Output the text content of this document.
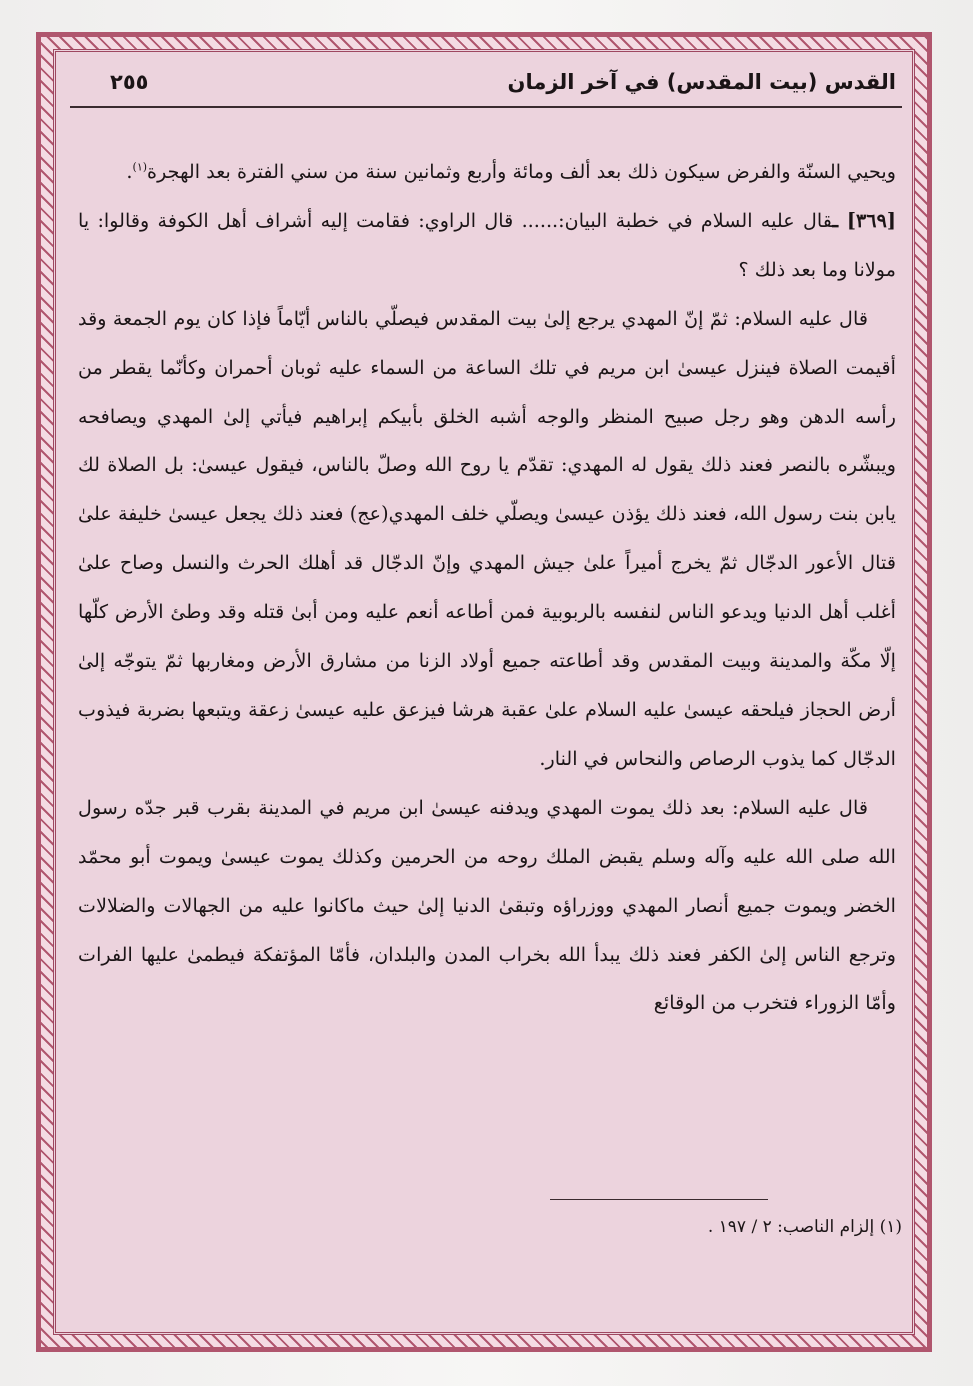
القدس (بيت المقدس) في آخر الزمان
٢٥٥

ويحيي السنّة والفرض سيكون ذلك بعد ألف ومائة وأربع وثمانين سنة من سني الفترة بعد الهجرة$^{(١)}$.

[٣٦٩] ـقال عليه السلام في خطبة البيان:...... قال الراوي: فقامت إليه أشراف أهل الكوفة وقالوا: يا مولانا وما بعد ذلك ؟

قال عليه السلام: ثمّ إنّ المهدي يرجع إلىٰ بيت المقدس فيصلّي بالناس أيّاماً فإذا كان يوم الجمعة وقد أقيمت الصلاة فينزل عيسىٰ ابن مريم في تلك الساعة من السماء عليه ثوبان أحمران وكأنّما يقطر من رأسه الدهن وهو رجل صبيح المنظر والوجه أشبه الخلق بأبيكم إبراهيم فيأتي إلىٰ المهدي ويصافحه ويبشّره بالنصر فعند ذلك يقول له المهدي: تقدّم يا روح الله وصلّ بالناس، فيقول عيسىٰ: بل الصلاة لك يابن بنت رسول الله، فعند ذلك يؤذن عيسىٰ ويصلّي خلف المهدي(عج) فعند ذلك يجعل عيسىٰ خليفة علىٰ قتال الأعور الدجّال ثمّ يخرج أميراً علىٰ جيش المهدي وإنّ الدجّال قد أهلك الحرث والنسل وصاح علىٰ أغلب أهل الدنيا ويدعو الناس لنفسه بالربوبية فمن أطاعه أنعم عليه ومن أبىٰ قتله وقد وطئ الأرض كلّها إلّا مكّة والمدينة وبيت المقدس وقد أطاعته جميع أولاد الزنا من مشارق الأرض ومغاربها ثمّ يتوجّه إلىٰ أرض الحجاز فيلحقه عيسىٰ عليه السلام علىٰ عقبة هرشا فيزعق عليه عيسىٰ زعقة ويتبعها بضربة فيذوب الدجّال كما يذوب الرصاص والنحاس في النار.

قال عليه السلام: بعد ذلك يموت المهدي ويدفنه عيسىٰ ابن مريم في المدينة بقرب قبر جدّه رسول الله صلى الله عليه وآله وسلم يقبض الملك روحه من الحرمين وكذلك يموت عيسىٰ ويموت أبو محمّد الخضر ويموت جميع أنصار المهدي ووزراؤه وتبقىٰ الدنيا إلىٰ حيث ماكانوا عليه من الجهالات والضلالات وترجع الناس إلىٰ الكفر فعند ذلك يبدأ الله بخراب المدن والبلدان، فأمّا المؤتفكة فيطمىٰ عليها الفرات وأمّا الزوراء فتخرب من الوقائع

(١) إلزام الناصب: ٢ / ١٩٧ .
